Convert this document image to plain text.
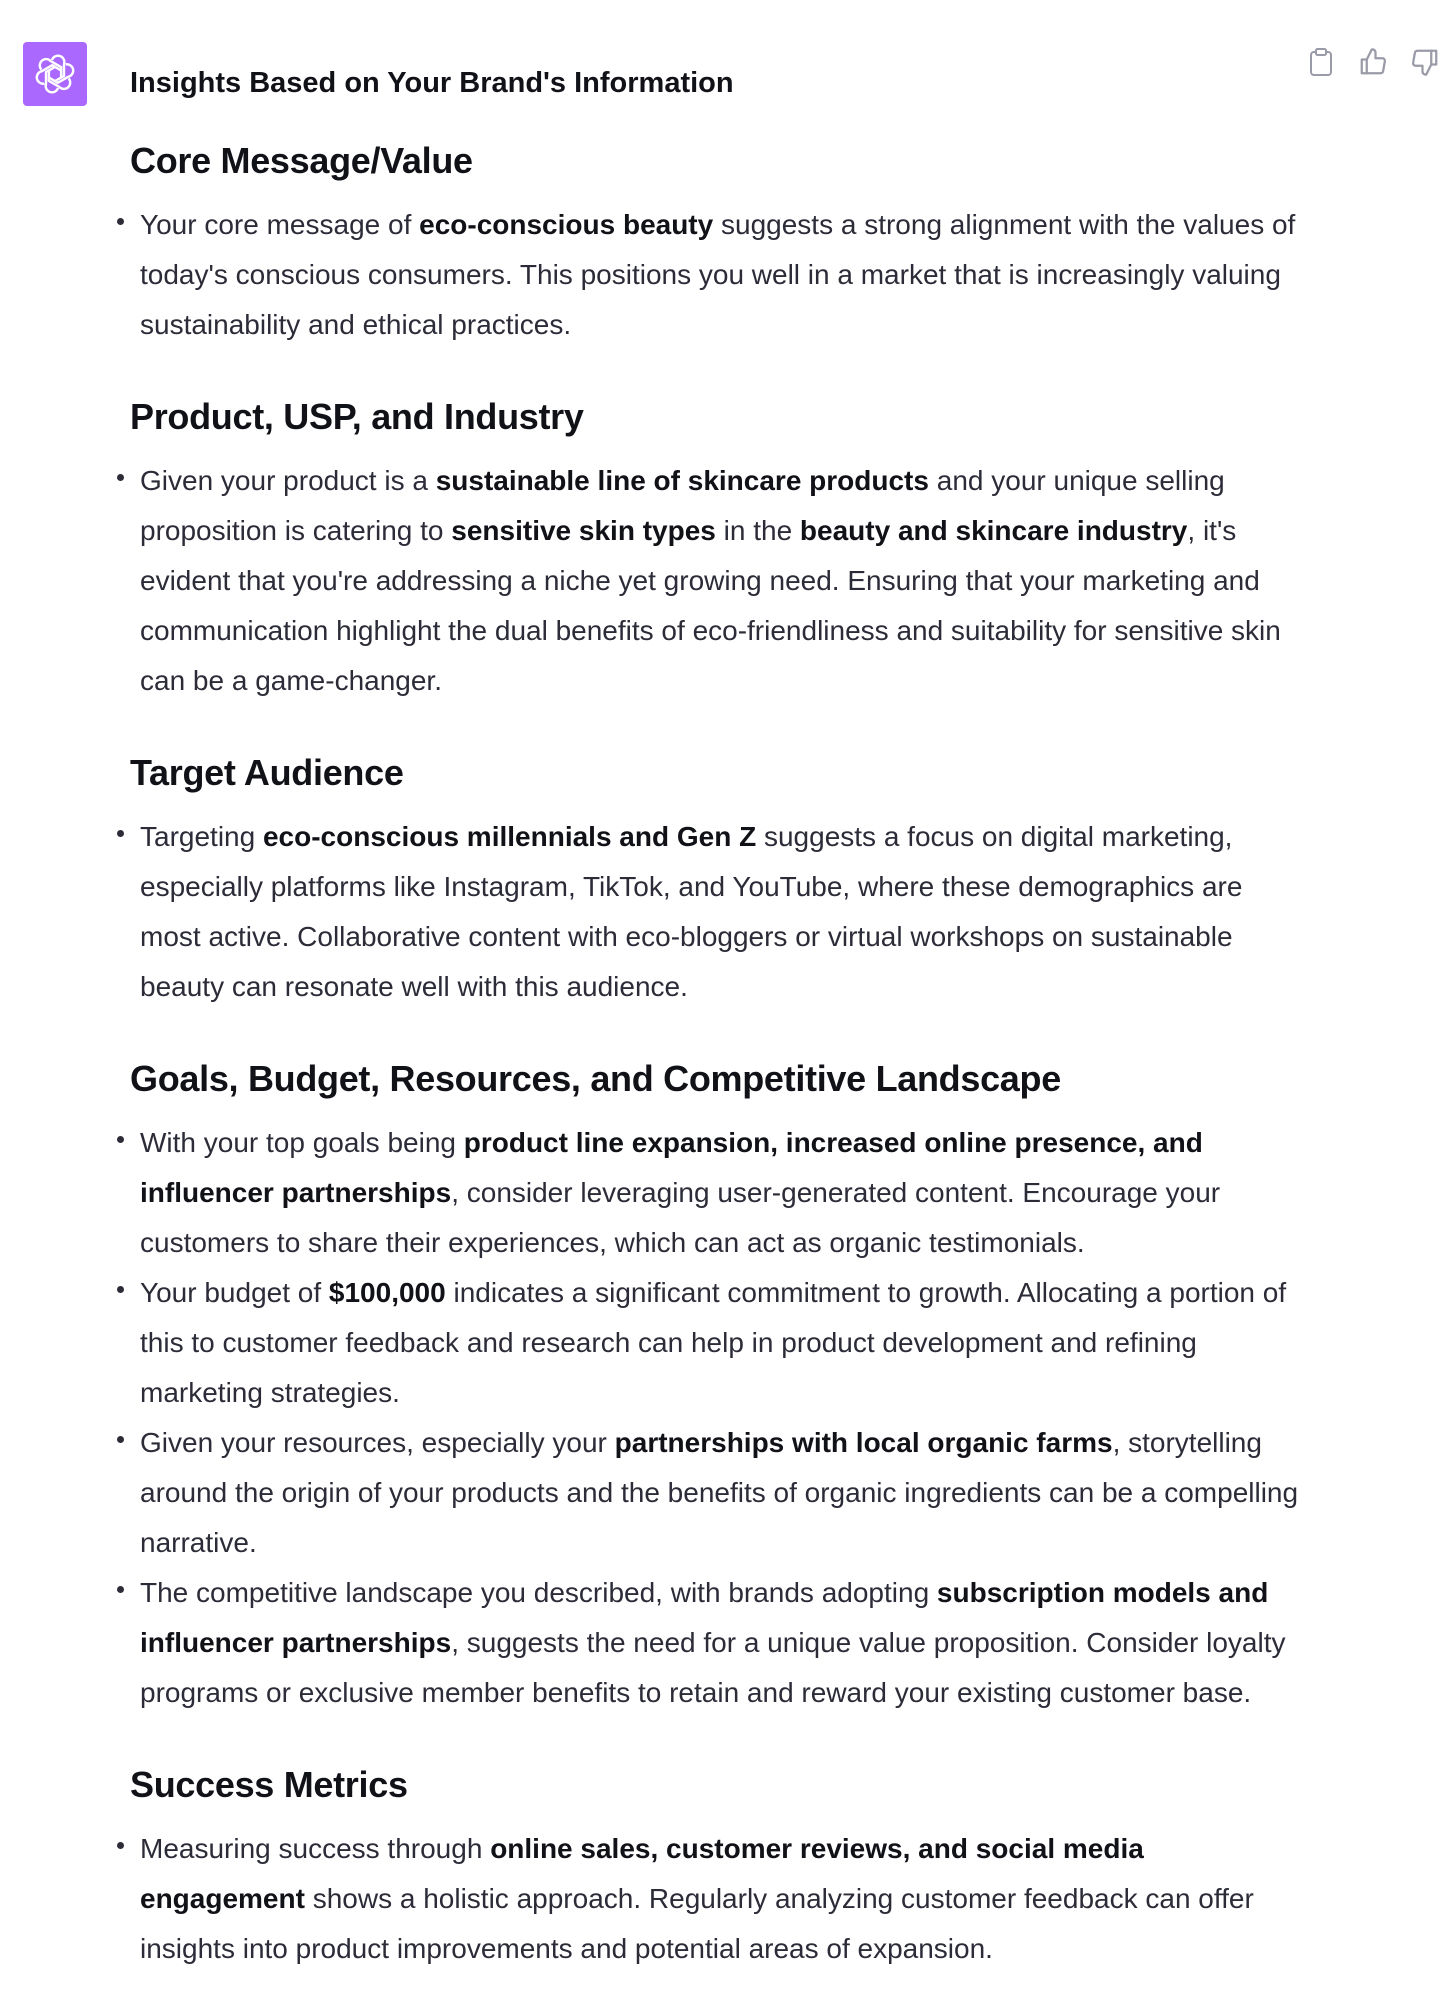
Insights Based on Your Brand's Information
Core Message/Value
Your core message of eco-conscious beauty suggests a strong alignment with the values of today's conscious consumers. This positions you well in a market that is increasingly valuing sustainability and ethical practices.
Product, USP, and Industry
Given your product is a sustainable line of skincare products and your unique selling proposition is catering to sensitive skin types in the beauty and skincare industry, it's evident that you're addressing a niche yet growing need. Ensuring that your marketing and communication highlight the dual benefits of eco-friendliness and suitability for sensitive skin can be a game-changer.
Target Audience
Targeting eco-conscious millennials and Gen Z suggests a focus on digital marketing, especially platforms like Instagram, TikTok, and YouTube, where these demographics are most active. Collaborative content with eco-bloggers or virtual workshops on sustainable beauty can resonate well with this audience.
Goals, Budget, Resources, and Competitive Landscape
With your top goals being product line expansion, increased online presence, and influencer partnerships, consider leveraging user-generated content. Encourage your customers to share their experiences, which can act as organic testimonials.
Your budget of $100,000 indicates a significant commitment to growth. Allocating a portion of this to customer feedback and research can help in product development and refining marketing strategies.
Given your resources, especially your partnerships with local organic farms, storytelling around the origin of your products and the benefits of organic ingredients can be a compelling narrative.
The competitive landscape you described, with brands adopting subscription models and influencer partnerships, suggests the need for a unique value proposition. Consider loyalty programs or exclusive member benefits to retain and reward your existing customer base.
Success Metrics
Measuring success through online sales, customer reviews, and social media engagement shows a holistic approach. Regularly analyzing customer feedback can offer insights into product improvements and potential areas of expansion.
